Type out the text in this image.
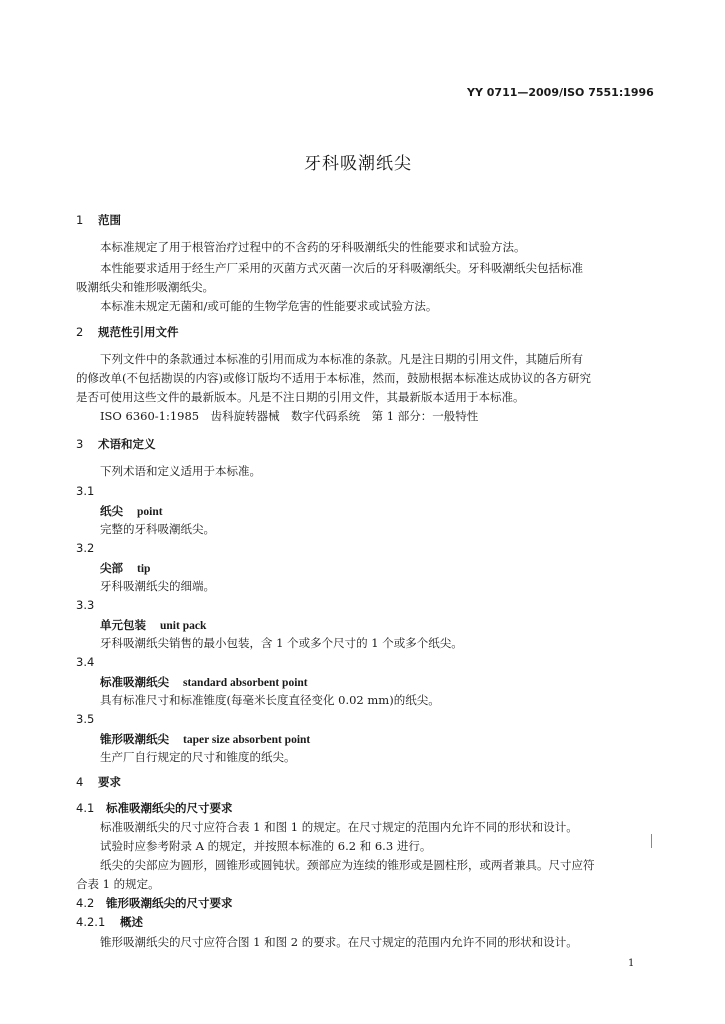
YY 0711—2009/ISO 7551:1996
牙科吸潮纸尖
1 范围
本标准规定了用于根管治疗过程中的不含药的牙科吸潮纸尖的性能要求和试验方法。
本性能要求适用于经生产厂采用的灭菌方式灭菌一次后的牙科吸潮纸尖。牙科吸潮纸尖包括标准
吸潮纸尖和锥形吸潮纸尖。
本标准未规定无菌和/或可能的生物学危害的性能要求或试验方法。
2 规范性引用文件
下列文件中的条款通过本标准的引用而成为本标准的条款。凡是注日期的引用文件，其随后所有
的修改单(不包括勘误的内容)或修订版均不适用于本标准，然而，鼓励根据本标准达成协议的各方研究
是否可使用这些文件的最新版本。凡是不注日期的引用文件，其最新版本适用于本标准。
ISO 6360-1:1985　齿科旋转器械　数字代码系统　第 1 部分：一般特性
3 术语和定义
下列术语和定义适用于本标准。
3.1
纸尖 point
完整的牙科吸潮纸尖。
3.2
尖部 tip
牙科吸潮纸尖的细端。
3.3
单元包装 unit pack
牙科吸潮纸尖销售的最小包装，含 1 个或多个尺寸的 1 个或多个纸尖。
3.4
标准吸潮纸尖 standard absorbent point
具有标准尺寸和标准锥度(每毫米长度直径变化 0.02 mm)的纸尖。
3.5
锥形吸潮纸尖 taper size absorbent point
生产厂自行规定的尺寸和锥度的纸尖。
4 要求
4.1 标准吸潮纸尖的尺寸要求
标准吸潮纸尖的尺寸应符合表 1 和图 1 的规定。在尺寸规定的范围内允许不同的形状和设计。
试验时应参考附录 A 的规定，并按照本标准的 6.2 和 6.3 进行。
纸尖的尖部应为圆形，圆锥形或圆钝状。颈部应为连续的锥形或是圆柱形，或两者兼具。尺寸应符
合表 1 的规定。
4.2 锥形吸潮纸尖的尺寸要求
4.2.1 概述
锥形吸潮纸尖的尺寸应符合图 1 和图 2 的要求。在尺寸规定的范围内允许不同的形状和设计。
1
